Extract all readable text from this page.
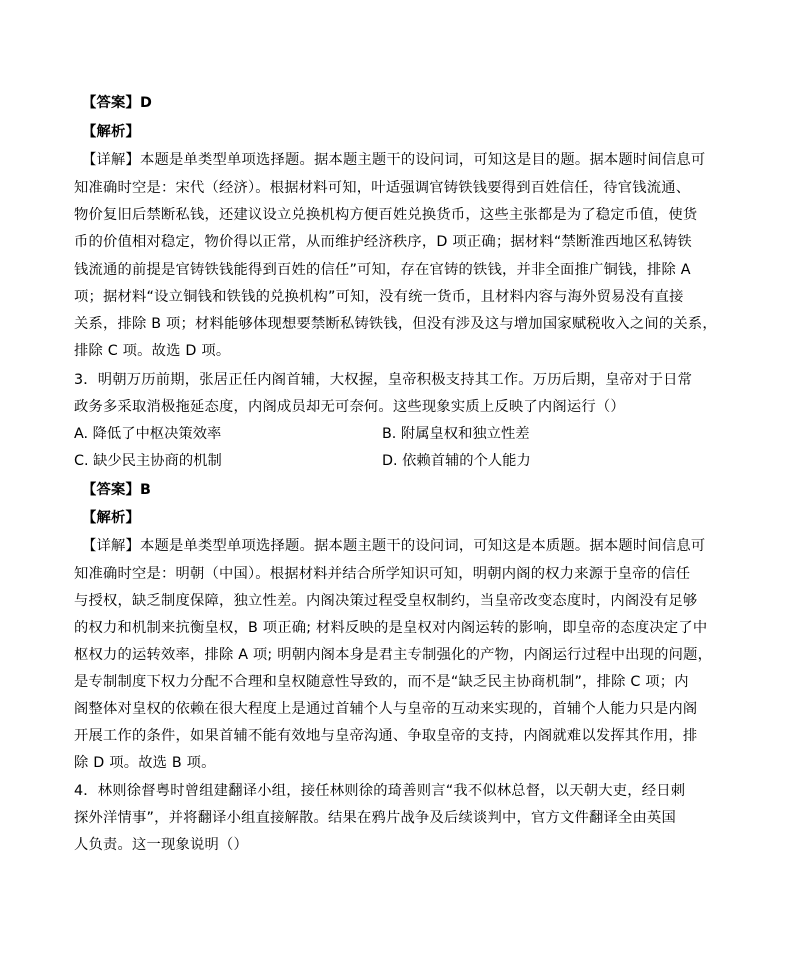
【答案】D
【解析】
【详解】本题是单类型单项选择题。据本题主题干的设问词，可知这是目的题。据本题时间信息可
知准确时空是：宋代（经济）。根据材料可知，叶适强调官铸铁钱要得到百姓信任，待官钱流通、
物价复旧后禁断私钱，还建议设立兑换机构方便百姓兑换货币，这些主张都是为了稳定币值，使货
币的价值相对稳定，物价得以正常，从而维护经济秩序，D 项正确；据材料“禁断淮西地区私铸铁
钱流通的前提是官铸铁钱能得到百姓的信任”可知，存在官铸的铁钱，并非全面推广铜钱，排除 A
项；据材料“设立铜钱和铁钱的兑换机构”可知，没有统一货币，且材料内容与海外贸易没有直接
关系，排除 B 项；材料能够体现想要禁断私铸铁钱，但没有涉及这与增加国家赋税收入之间的关系，
排除 C 项。故选 D 项。
3．明朝万历前期，张居正任内阁首辅，大权握，皇帝积极支持其工作。万历后期，皇帝对于日常
政务多采取消极拖延态度，内阁成员却无可奈何。这些现象实质上反映了内阁运行（）
A. 降低了中枢决策效率	B. 附属皇权和独立性差
C. 缺少民主协商的机制	D. 依赖首辅的个人能力
【答案】B
【解析】
【详解】本题是单类型单项选择题。据本题主题干的设问词，可知这是本质题。据本题时间信息可
知准确时空是：明朝（中国）。根据材料并结合所学知识可知，明朝内阁的权力来源于皇帝的信任
与授权，缺乏制度保障，独立性差。内阁决策过程受皇权制约，当皇帝改变态度时，内阁没有足够
的权力和机制来抗衡皇权，B 项正确; 材料反映的是皇权对内阁运转的影响，即皇帝的态度决定了中
枢权力的运转效率，排除 A 项; 明朝内阁本身是君主专制强化的产物，内阁运行过程中出现的问题，
是专制制度下权力分配不合理和皇权随意性导致的，而不是“缺乏民主协商机制”，排除 C 项；内
阁整体对皇权的依赖在很大程度上是通过首辅个人与皇帝的互动来实现的，首辅个人能力只是内阁
开展工作的条件，如果首辅不能有效地与皇帝沟通、争取皇帝的支持，内阁就难以发挥其作用，排
除 D 项。故选 B 项。
4．林则徐督粤时曾组建翻译小组，接任林则徐的琦善则言“我不似林总督，以天朝大吏，经日刺
探外洋情事”，并将翻译小组直接解散。结果在鸦片战争及后续谈判中，官方文件翻译全由英国
人负责。这一现象说明（）
